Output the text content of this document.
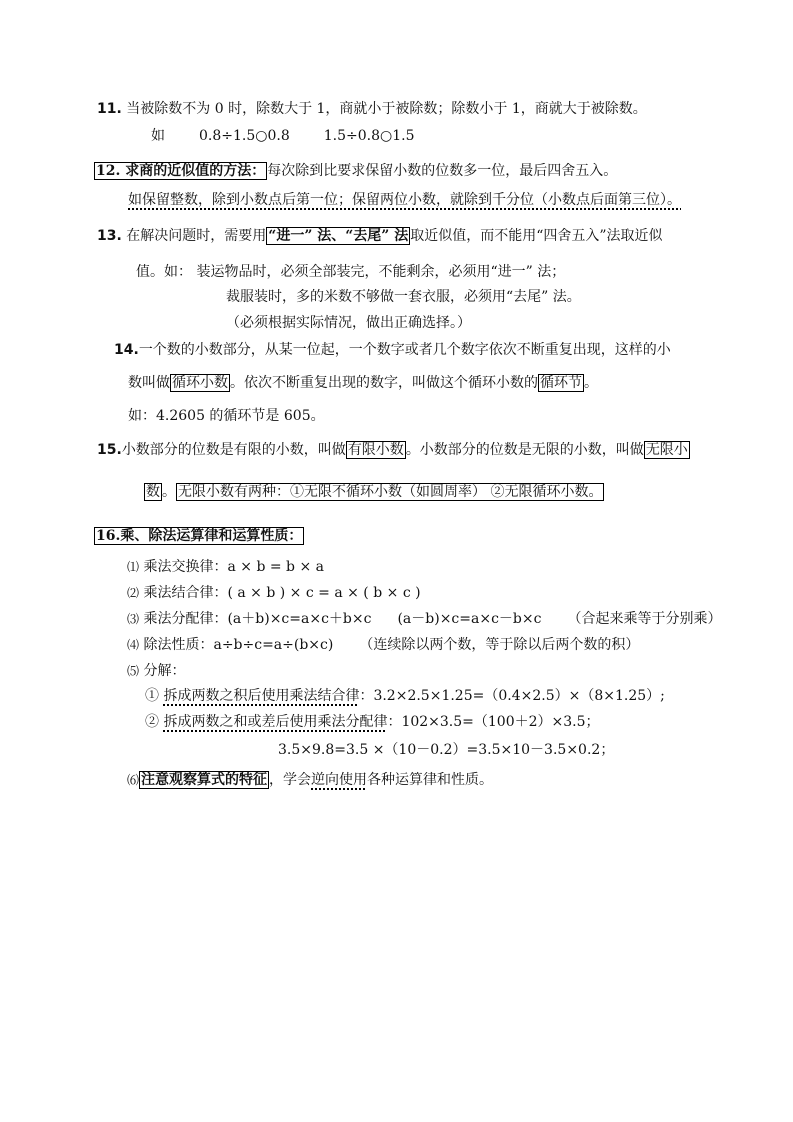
11. 当被除数不为 0 时，除数大于 1，商就小于被除数；除数小于 1，商就大于被除数。
如 0.8÷1.5○0.8 1.5÷0.8○1.5
12. 求商的近似值的方法： 每次除到比要求保留小数的位数多一位，最后四舍五入。
如保留整数，除到小数点后第一位；保留两位小数，就除到千分位（小数点后面第三位）。
13. 在解决问题时，需要用 “进一” 法、“去尾” 法 取近似值，而不能用“四舍五入”法取近似
值。如： 装运物品时，必须全部装完，不能剩余，必须用“进一” 法；
裁服装时，多的米数不够做一套衣服，必须用“去尾” 法。
（必须根据实际情况，做出正确选择。）
14.一个数的小数部分，从某一位起，一个数字或者几个数字依次不断重复出现，这样的小
数叫做 循环小数 。依次不断重复出现的数字，叫做这个循环小数的 循环节 。
如：4.2605 的循环节是 605。
15.小数部分的位数是有限的小数，叫做 有限小数 。小数部分的位数是无限的小数，叫做 无限小
数 。 无限小数有两种：①无限不循环小数（如圆周率） ②无限循环小数。
16.乘、除法运算律和运算性质：
⑴ 乘法交换律：a × b = b × a
⑵ 乘法结合律：( a × b ) × c = a × ( b × c )
⑶ 乘法分配律：(a＋b)×c=a×c＋b×c (a－b)×c=a×c－b×c （合起来乘等于分别乘）
⑷ 除法性质：a÷b÷c=a÷(b×c) （连续除以两个数，等于除以后两个数的积）
⑸ 分解：
① 拆成两数之积后使用乘法结合律：3.2×2.5×1.25=（0.4×2.5）×（8×1.25）;
② 拆成两数之和或差后使用乘法分配律：102×3.5=（100＋2）×3.5；
3.5×9.8=3.5 ×（10－0.2）=3.5×10－3.5×0.2；
⑹ 注意观察算式的特征 ，学会逆向使用各种运算律和性质。
